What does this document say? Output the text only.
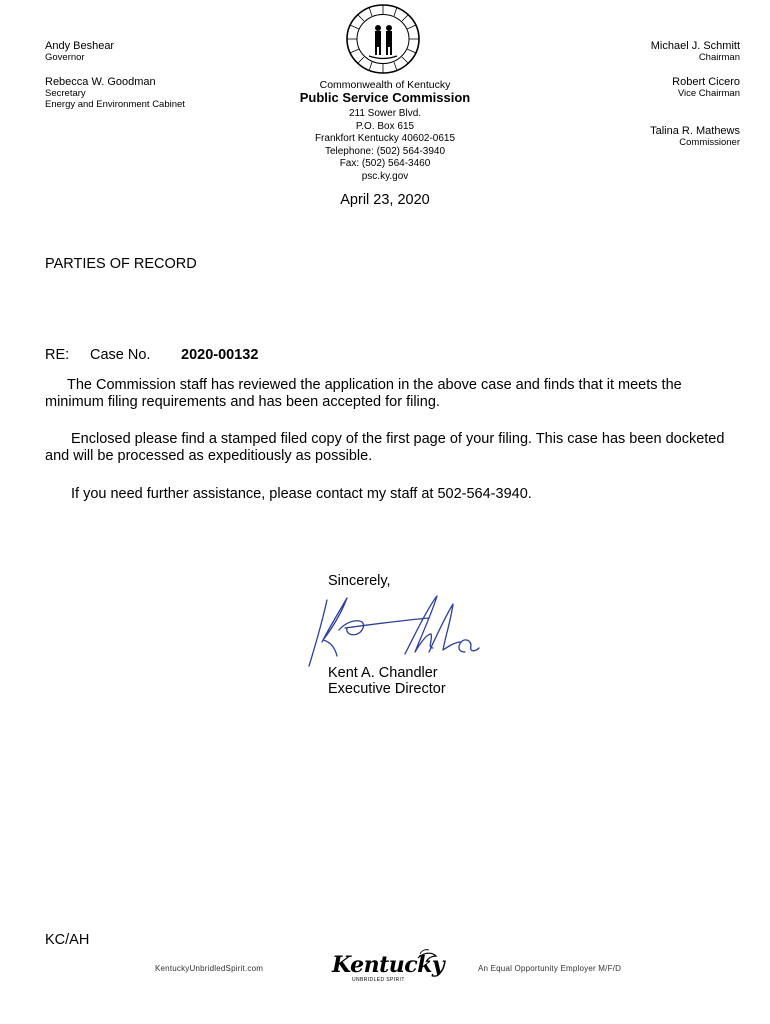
Andy Beshear
Governor
Rebecca W. Goodman
Secretary
Energy and Environment Cabinet
Commonwealth of Kentucky
Public Service Commission
211 Sower Blvd.
P.O. Box 615
Frankfort Kentucky 40602-0615
Telephone: (502) 564-3940
Fax: (502) 564-3460
psc.ky.gov
Michael J. Schmitt
Chairman
Robert Cicero
Vice Chairman
Talina R. Mathews
Commissioner
April 23, 2020
PARTIES OF RECORD
RE: Case No. 2020-00132
The Commission staff has reviewed the application in the above case and finds that it meets the minimum filing requirements and has been accepted for filing.
Enclosed please find a stamped filed copy of the first page of your filing. This case has been docketed and will be processed as expeditiously as possible.
If you need further assistance, please contact my staff at 502-564-3940.
Sincerely,
Kent A. Chandler
Executive Director
KC/AH
KentuckyUnbridledSpirit.com	Kentucky
UNBRIDLED SPIRIT
An Equal Opportunity Employer M/F/D
